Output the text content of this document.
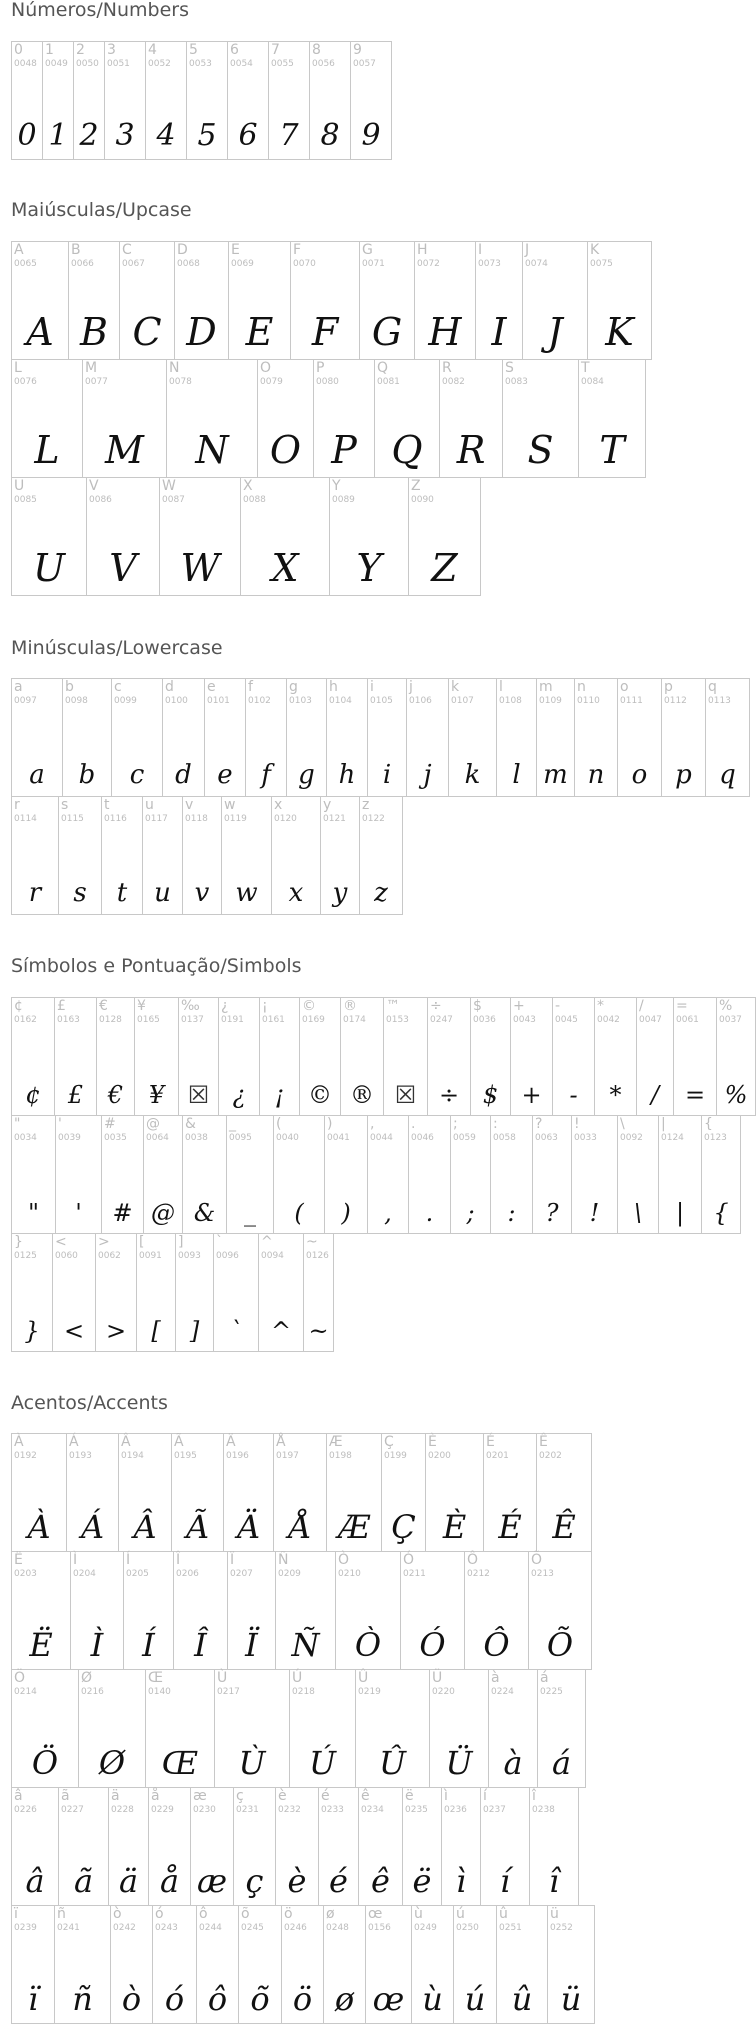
Números/Numbers
0
0048
0
1
0049
1
2
0050
2
3
0051
3
4
0052
4
5
0053
5
6
0054
6
7
0055
7
8
0056
8
9
0057
9
Maiúsculas/Upcase
A
0065
A
B
0066
B
C
0067
C
D
0068
D
E
0069
E
F
0070
F
G
0071
G
H
0072
H
I
0073
I
J
0074
J
K
0075
K
L
0076
L
M
0077
M
N
0078
N
O
0079
O
P
0080
P
Q
0081
Q
R
0082
R
S
0083
S
T
0084
T
U
0085
U
V
0086
V
W
0087
W
X
0088
X
Y
0089
Y
Z
0090
Z
Minúsculas/Lowercase
a
0097
a
b
0098
b
c
0099
c
d
0100
d
e
0101
e
f
0102
f
g
0103
g
h
0104
h
i
0105
i
j
0106
j
k
0107
k
l
0108
l
m
0109
m
n
0110
n
o
0111
o
p
0112
p
q
0113
q
r
0114
r
s
0115
s
t
0116
t
u
0117
u
v
0118
v
w
0119
w
x
0120
x
y
0121
y
z
0122
z
Símbolos e Pontuação/Simbols
¢
0162
¢
£
0163
£
€
0128
€
¥
0165
¥
‰
0137
☒
¿
0191
¿
¡
0161
¡
©
0169
©
®
0174
®
™
0153
☒
÷
0247
÷
$
0036
$
+
0043
+
-
0045
-
*
0042
*
/
0047
/
=
0061
=
%
0037
%
"
0034
"
'
0039
'
#
0035
#
@
0064
@
&
0038
&
_
0095
_
(
0040
(
)
0041
)
,
0044
,
.
0046
.
;
0059
;
:
0058
:
?
0063
?
!
0033
!
\
0092
\
|
0124
|
{
0123
{
}
0125
}
<
0060
<
>
0062
>
[
0091
[
]
0093
]
`
0096
`
^
0094
^
~
0126
~
Acentos/Accents
À
0192
À
Á
0193
Á
Â
0194
Â
Ã
0195
Ã
Ä
0196
Ä
Å
0197
Å
Æ
0198
Æ
Ç
0199
Ç
È
0200
È
É
0201
É
Ê
0202
Ê
Ë
0203
Ë
Ì
0204
Ì
Í
0205
Í
Î
0206
Î
Ï
0207
Ï
Ñ
0209
Ñ
Ò
0210
Ò
Ó
0211
Ó
Ô
0212
Ô
Õ
0213
Õ
Ö
0214
Ö
Ø
0216
Ø
Œ
0140
Œ
Ù
0217
Ù
Ú
0218
Ú
Û
0219
Û
Ü
0220
Ü
à
0224
à
á
0225
á
â
0226
â
ã
0227
ã
ä
0228
ä
å
0229
å
æ
0230
æ
ç
0231
ç
è
0232
è
é
0233
é
ê
0234
ê
ë
0235
ë
ì
0236
ì
í
0237
í
î
0238
î
ï
0239
ï
ñ
0241
ñ
ò
0242
ò
ó
0243
ó
ô
0244
ô
õ
0245
õ
ö
0246
ö
ø
0248
ø
œ
0156
œ
ù
0249
ù
ú
0250
ú
û
0251
û
ü
0252
ü
